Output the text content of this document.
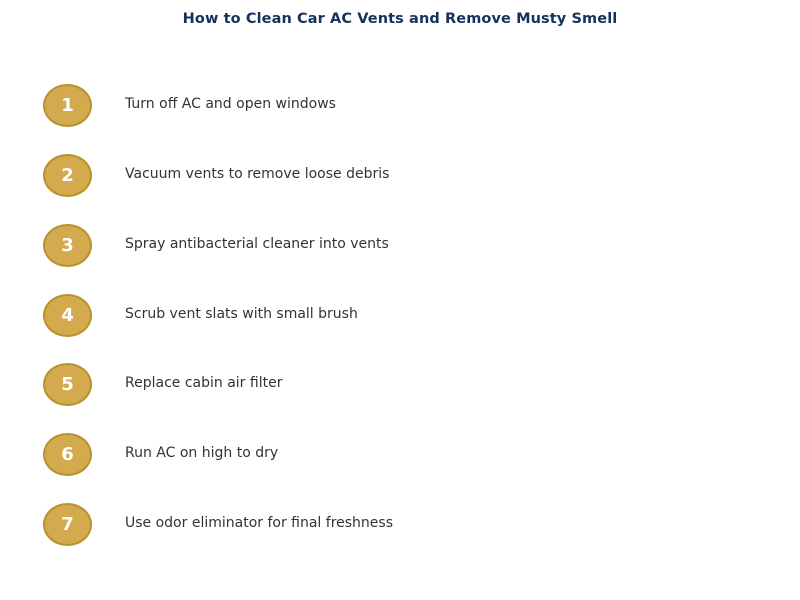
How to Clean Car AC Vents and Remove Musty Smell
1	Turn off AC and open windows
2	Vacuum vents to remove loose debris
3	Spray antibacterial cleaner into vents
4	Scrub vent slats with small brush
5	Replace cabin air filter
6	Run AC on high to dry
7	Use odor eliminator for final freshness
